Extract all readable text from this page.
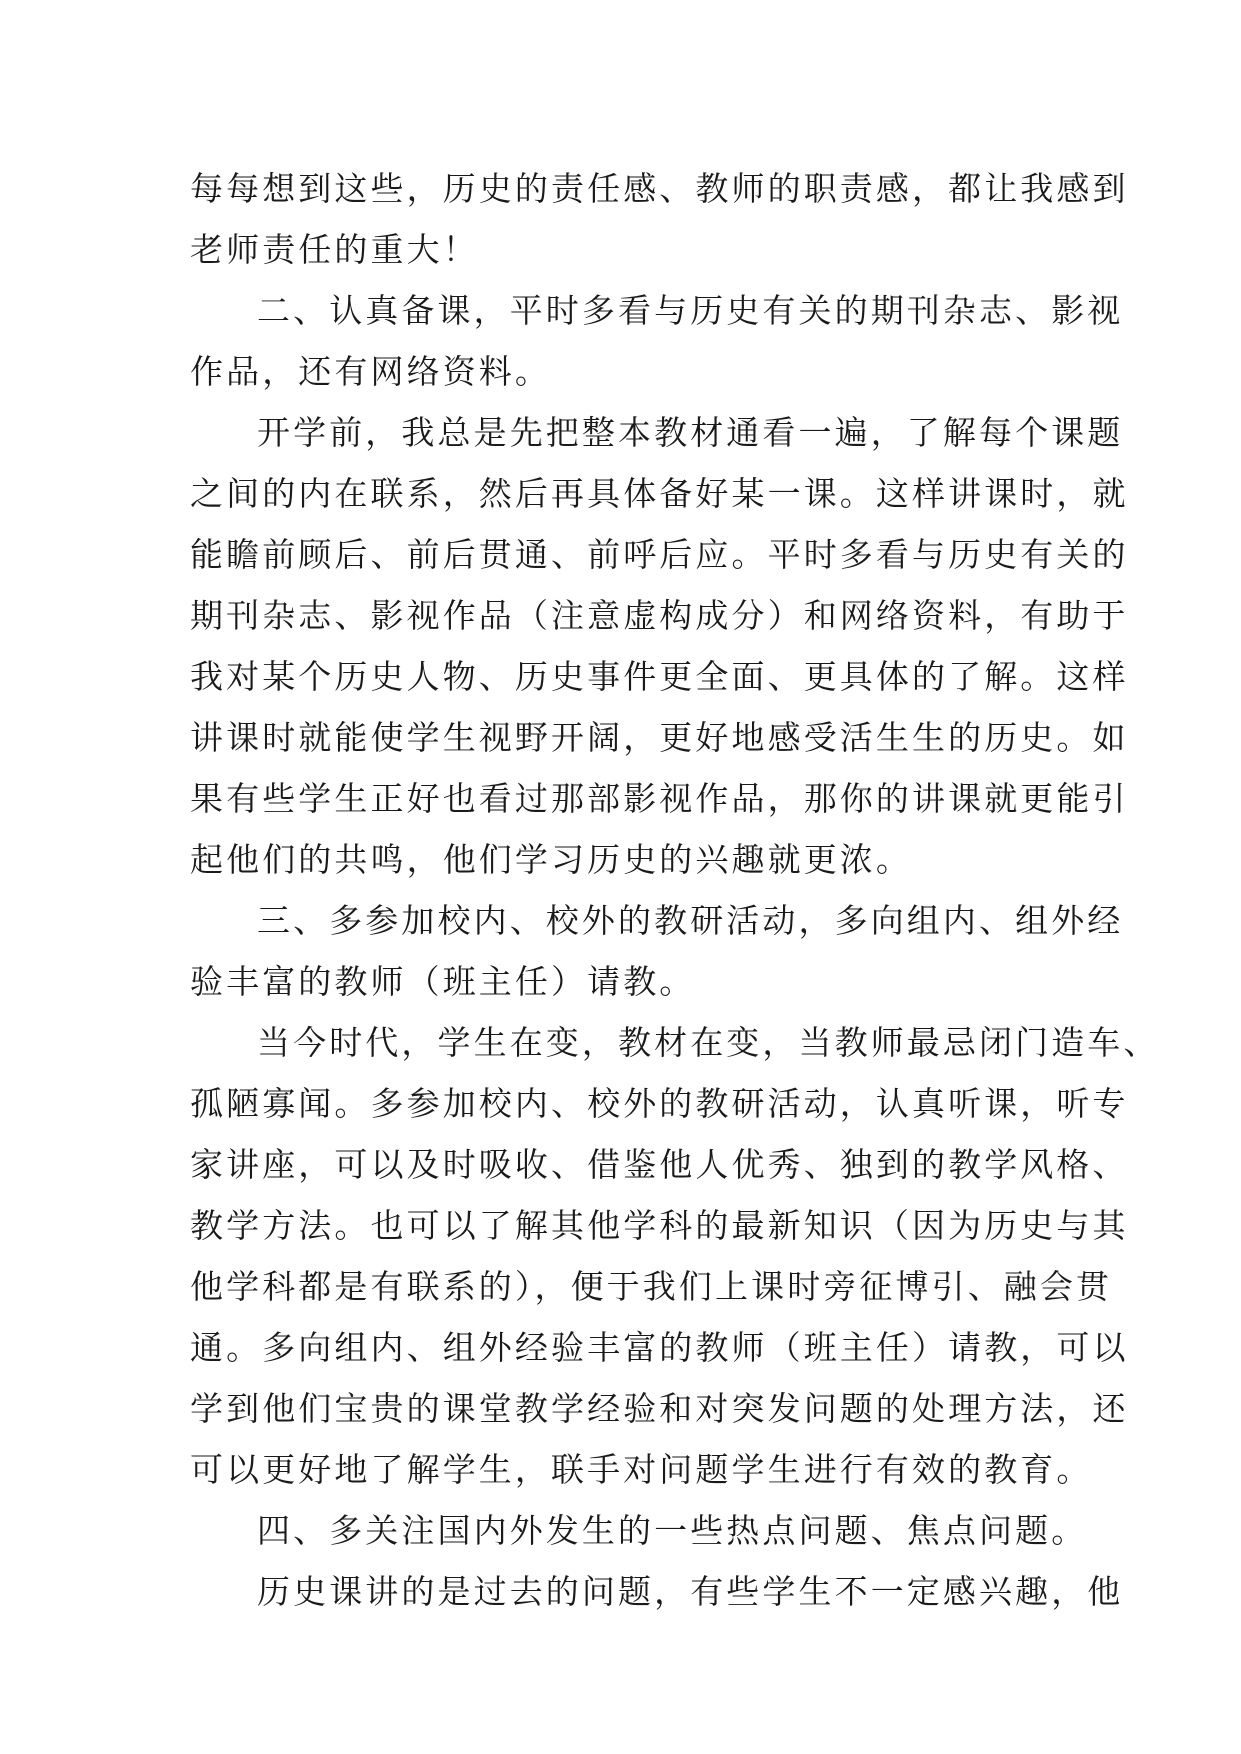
每每想到这些，历史的责任感、教师的职责感，都让我感到
老师责任的重大！
二、认真备课，平时多看与历史有关的期刊杂志、影视
作品，还有网络资料。
开学前，我总是先把整本教材通看一遍，了解每个课题
之间的内在联系，然后再具体备好某一课。这样讲课时，就
能瞻前顾后、前后贯通、前呼后应。平时多看与历史有关的
期刊杂志、影视作品（注意虚构成分）和网络资料，有助于
我对某个历史人物、历史事件更全面、更具体的了解。这样
讲课时就能使学生视野开阔，更好地感受活生生的历史。如
果有些学生正好也看过那部影视作品，那你的讲课就更能引
起他们的共鸣，他们学习历史的兴趣就更浓。
三、多参加校内、校外的教研活动，多向组内、组外经
验丰富的教师（班主任）请教。
当今时代，学生在变，教材在变，当教师最忌闭门造车、
孤陋寡闻。多参加校内、校外的教研活动，认真听课，听专
家讲座，可以及时吸收、借鉴他人优秀、独到的教学风格、
教学方法。也可以了解其他学科的最新知识（因为历史与其
他学科都是有联系的），便于我们上课时旁征博引、融会贯
通。多向组内、组外经验丰富的教师（班主任）请教，可以
学到他们宝贵的课堂教学经验和对突发问题的处理方法，还
可以更好地了解学生，联手对问题学生进行有效的教育。
四、多关注国内外发生的一些热点问题、焦点问题。
历史课讲的是过去的问题，有些学生不一定感兴趣，他
